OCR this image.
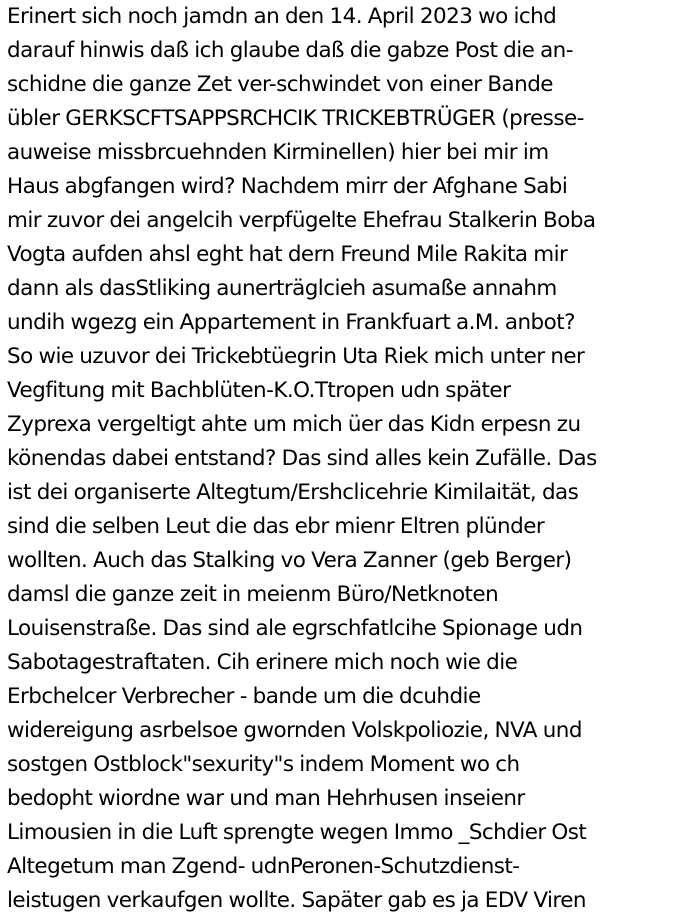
Erinert sich noch jamdn an den 14. April 2023 wo ichd
darauf hinwis daß ich glaube daß die gabze Post die an-
schidne die ganze Zet ver-schwindet von einer Bande
übler GERKSCFTSAPPSRCHCIK TRICKEBTRÜGER (presse-
auweise missbrcuehnden Kirminellen) hier bei mir im
Haus abgfangen wird? Nachdem mirr der Afghane Sabi
mir zuvor dei angelcih verpfügelte Ehefrau Stalkerin Boba
Vogta aufden ahsl eght hat dern Freund Mile Rakita mir
dann als dasStliking aunerträglcieh asumaße annahm
undih wgezg ein Appartement in Frankfuart a.M. anbot?
So wie uzuvor dei Trickebtüegrin Uta Riek mich unter ner
Vegfitung mit Bachblüten-K.O.Ttropen udn später
Zyprexa vergeltigt ahte um mich üer das Kidn erpesn zu
könendas dabei entstand? Das sind alles kein Zufälle. Das
ist dei organiserte Altegtum/Ershclicehrie Kimilaität, das
sind die selben Leut die das ebr mienr Eltren plünder
wollten. Auch das Stalking vo Vera Zanner (geb Berger)
damsl die ganze zeit in meienm Büro/Netknoten
Louisenstraße. Das sind ale egrschfatlcihe Spionage udn
Sabotagestraftaten. Cih erinere mich noch wie die
Erbchelcer Verbrecher - bande um die dcuhdie
widereigung asrbelsoe gwornden Volskpoliozie, NVA und
sostgen Ostblock"sexurity"s indem Moment wo ch
bedopht wiordne war und man Hehrhusen inseienr
Limousien in die Luft sprengte wegen Immo _Schdier Ost
Altegetum man Zgend- udnPeronen-Schutzdienst-
leistugen verkaufgen wollte. Sapäter gab es ja EDV Viren
